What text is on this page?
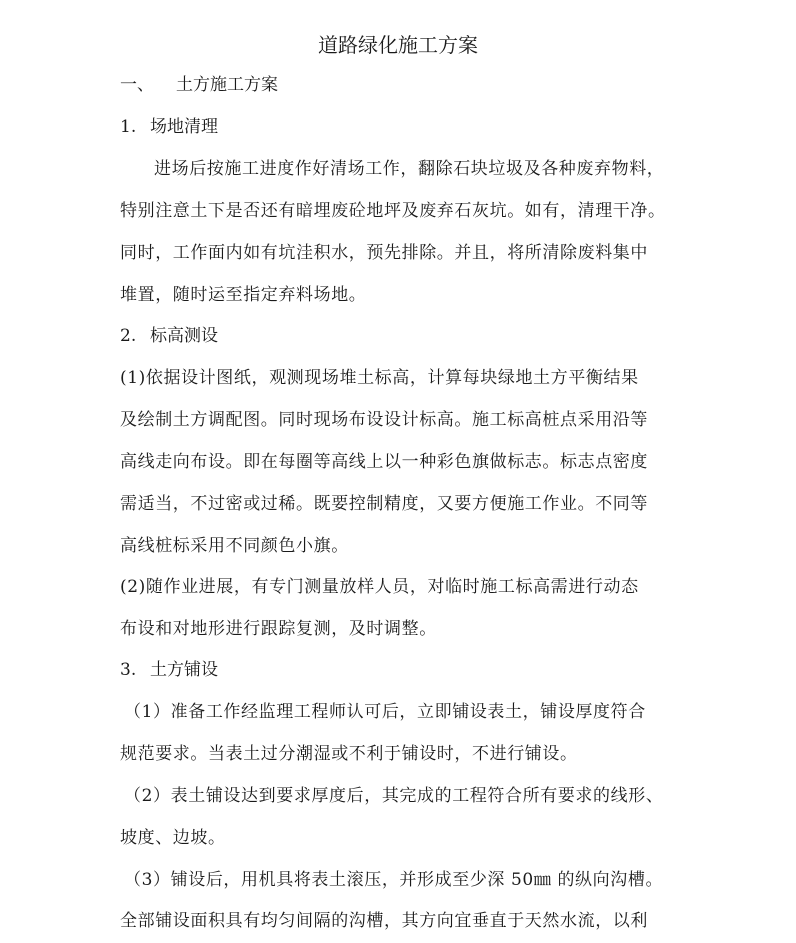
道路绿化施工方案
一、 土方施工方案
1. 场地清理
进场后按施工进度作好清场工作，翻除石块垃圾及各种废弃物料，
特别注意土下是否还有暗埋废砼地坪及废弃石灰坑。如有，清理干净。
同时，工作面内如有坑洼积水，预先排除。并且，将所清除废料集中
堆置，随时运至指定弃料场地。
2. 标高测设
(1)依据设计图纸，观测现场堆土标高，计算每块绿地土方平衡结果
及绘制土方调配图。同时现场布设设计标高。施工标高桩点采用沿等
高线走向布设。即在每圈等高线上以一种彩色旗做标志。标志点密度
需适当，不过密或过稀。既要控制精度，又要方便施工作业。不同等
高线桩标采用不同颜色小旗。
(2)随作业进展，有专门测量放样人员，对临时施工标高需进行动态
布设和对地形进行跟踪复测，及时调整。
3. 土方铺设
（1）准备工作经监理工程师认可后，立即铺设表土，铺设厚度符合
规范要求。当表土过分潮湿或不利于铺设时，不进行铺设。
（2）表土铺设达到要求厚度后，其完成的工程符合所有要求的线形、
坡度、边坡。
（3）铺设后，用机具将表土滚压，并形成至少深 50㎜ 的纵向沟槽。
全部铺设面积具有均匀间隔的沟槽，其方向宜垂直于天然水流，以利
